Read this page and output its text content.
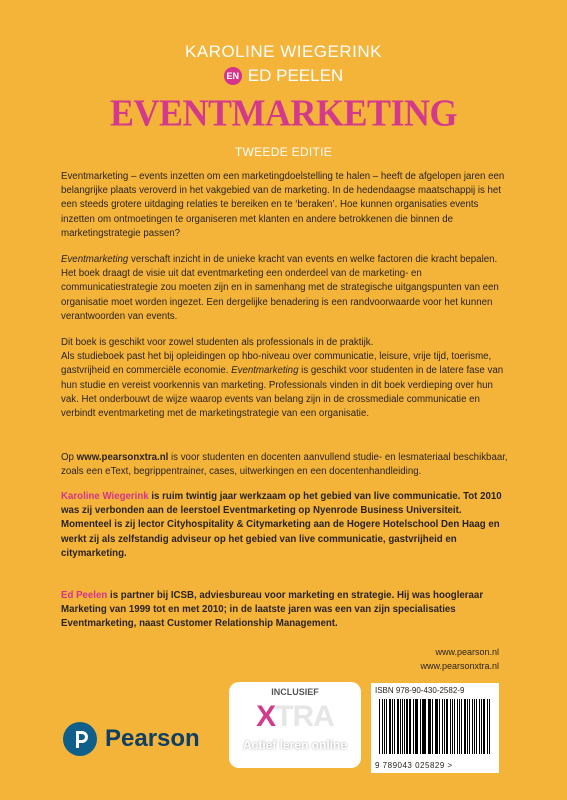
KAROLINE WIEGERINK
EN ED PEELEN
EVENTMARKETING
TWEEDE EDITIE
Eventmarketing – events inzetten om een marketingdoelstelling te halen – heeft de afgelopen jaren een belangrijke plaats veroverd in het vakgebied van de marketing. In de hedendaagse maatschappij is het een steeds grotere uitdaging relaties te bereiken en te ‘beraken’. Hoe kunnen organisaties events inzetten om ontmoetingen te organiseren met klanten en andere betrokkenen die binnen de marketingstrategie passen?
Eventmarketing verschaft inzicht in de unieke kracht van events en welke factoren die kracht bepalen. Het boek draagt de visie uit dat eventmarketing een onderdeel van de marketing- en communicatiestrategie zou moeten zijn en in samenhang met de strategische uitgangspunten van een organisatie moet worden ingezet. Een dergelijke benadering is een randvoorwaarde voor het kunnen verantwoorden van events.
Dit boek is geschikt voor zowel studenten als professionals in de praktijk.
Als studieboek past het bij opleidingen op hbo-niveau over communicatie, leisure, vrije tijd, toerisme, gastvrijheid en commerciële economie. Eventmarketing is geschikt voor studenten in de latere fase van hun studie en vereist voorkennis van marketing. Professionals vinden in dit boek verdieping over hun vak. Het onderbouwt de wijze waarop events van belang zijn in de crossmediale communicatie en verbindt eventmarketing met de marketingstrategie van een organisatie.
Op www.pearsonxtra.nl is voor studenten en docenten aanvullend studie- en lesmateriaal beschikbaar, zoals een eText, begrippentrainer, cases, uitwerkingen en een docentenhandleiding.
Karoline Wiegerink is ruim twintig jaar werkzaam op het gebied van live communicatie. Tot 2010 was zij verbonden aan de leerstoel Eventmarketing op Nyenrode Business Universiteit. Momenteel is zij lector Cityhospitality & Citymarketing aan de Hogere Hotelschool Den Haag en werkt zij als zelfstandig adviseur op het gebied van live communicatie, gastvrijheid en citymarketing.
Ed Peelen is partner bij ICSB, adviesbureau voor marketing en strategie. Hij was hoogleraar Marketing van 1999 tot en met 2010; in de laatste jaren was een van zijn specialisaties Eventmarketing, naast Customer Relationship Management.
www.pearson.nl
www.pearsonxtra.nl
Pearson
INCLUSIEF
XTRA
Actief leren online
ISBN 978-90-430-2582-9
9 789043 025829 >
